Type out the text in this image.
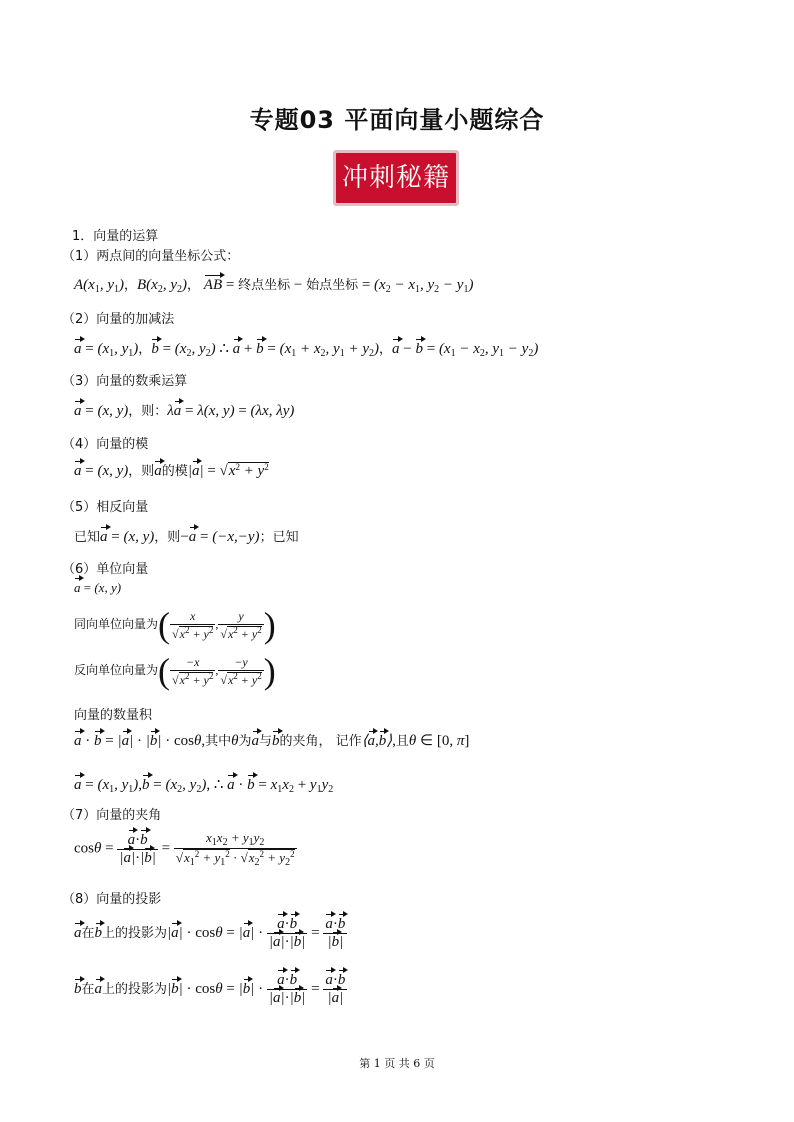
专题03 平面向量小题综合
冲刺秘籍
1．向量的运算
（1）两点间的向量坐标公式：
$A(x_1$, $y_1$)，$B(x_2$, $y_2$)， AB = 终点坐标 − 始点坐标 = ($x_2 - x_1$, $y_2 - y_1$)
（2）向量的加减法
$a = (x_1$, $y_1$)，$b = (x_2$, $y_2$) ∴ $a + b = (x_1 + x_2$, $y_1 + y_2$)，$a - b = (x_1 - x_2$, $y_1 - y_2$)
（3）向量的数乘运算
a = (x, y)，则：λa = λ(x, y) = (λx, λy)
（4）向量的模
a = (x, y)，则a的模$|a| = √x^2 + y^2$
（5）相反向量
已知a = (x, y)，则−a = (−x,−y)；已知
（6）单位向量
a = (x, y)
同向单位向量为( $\frac{x}{√x^2 + y^2}$ , $\frac{y}{√x^2 + y^2}$ )
反向单位向量为( $\frac{-x}{√x^2 + y^2}$ , $\frac{-y}{√x^2 + y^2}$ )
向量的数量积
a · b = |a| · |b| · cosθ,其中θ为a与b的夹角， 记作⟨a,b⟩,且θ ∈ [0, π]
$a = (x_1$, $y_1),b = (x_2$, $y_2$), ∴ $a \cdot b = x_1x_2 + y_1y_2$
（7）向量的夹角
$\cos\theta = \frac{a\cdot b}{|a|\cdot|b|} = \frac{x_1x_2 + y_1y_2}{√x_1^2 + y_1^2 \cdot √x_2^2 + y_2^2}$
（8）向量的投影
a在b上的投影为$|a| \cdot \cos\theta = |a| \cdot \frac{a\cdot b}{|a|\cdot|b|} = \frac{a\cdot b}{|b|}$
b在a上的投影为$|b| \cdot \cos\theta = |b| \cdot \frac{a\cdot b}{|a|\cdot|b|} = \frac{a\cdot b}{|a|}$
第 1 页 共 6 页
